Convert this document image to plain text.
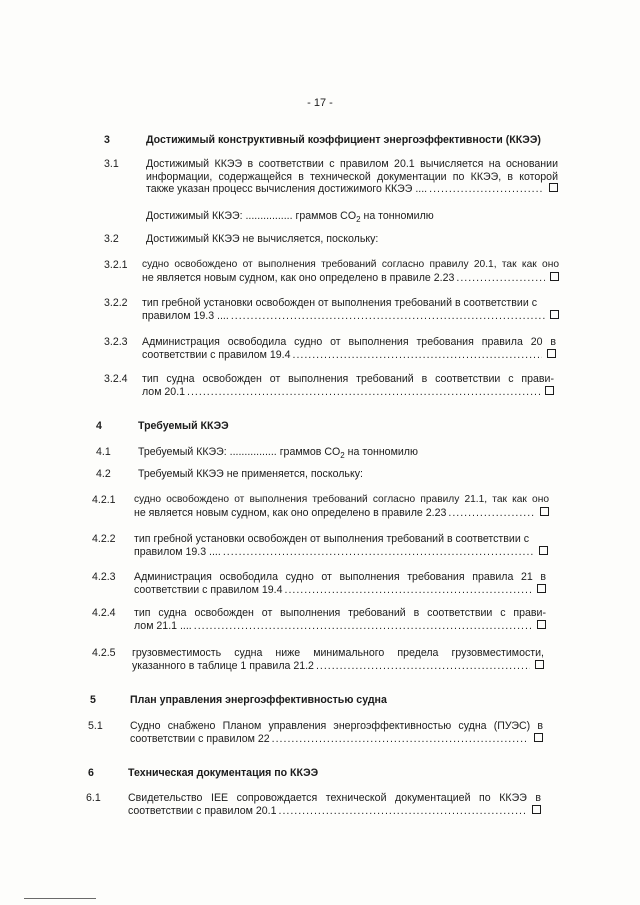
- 17 -
3	Достижимый конструктивный коэффициент энергоэффективности (ККЭЭ)
3.1	Достижимый ККЭЭ в соответствии с правилом 20.1 вычисляется на основании информации, содержащейся в технической документации по ККЭЭ, в которой
также указан процесс вычисления достижимого ККЭЭ ....
.....
Достижимый ККЭЭ: ................ граммов $CO_2$ на тонномилю
3.2	Достижимый ККЭЭ не вычисляется, поскольку:
3.2.1 судно освобождено от выполнения требований согласно правилу 20.1, так как оно
не является новым судном, как оно определено в правиле 2.23
.....
3.2.2 тип гребной установки освобожден от выполнения требований в соответствии с
правилом 19.3 ....
.....
3.2.3 Администрация освободила судно от выполнения требования правила 20 в
соответствии с правилом 19.4
.....
3.2.4 тип судна освобожден от выполнения требований в соответствии с прави-
лом 20.1
.....
4	Требуемый ККЭЭ
4.1	Требуемый ККЭЭ: ................ граммов $CO_2$ на тонномилю
4.2	Требуемый ККЭЭ не применяется, поскольку:
4.2.1 судно освобождено от выполнения требований согласно правилу 21.1, так как оно
не является новым судном, как оно определено в правиле 2.23
.....
4.2.2 тип гребной установки освобожден от выполнения требований в соответствии с
правилом 19.3 ....
.....
4.2.3 Администрация освободила судно от выполнения требования правила 21 в
соответствии с правилом 19.4
.....
4.2.4 тип судна освобожден от выполнения требований в соответствии с прави-
лом 21.1 ....
.....
4.2.5 грузовместимость судна ниже минимального предела грузовместимости,
указанного в таблице 1 правила 21.2
.....
5	План управления энергоэффективностью судна
5.1	Судно снабжено Планом управления энергоэффективностью судна (ПУЭС) в
соответствии с правилом 22
.....
6	Техническая документация по ККЭЭ
6.1	Свидетельство IEE сопровождается технической документацией по ККЭЭ в
соответствии с правилом 20.1
.....
